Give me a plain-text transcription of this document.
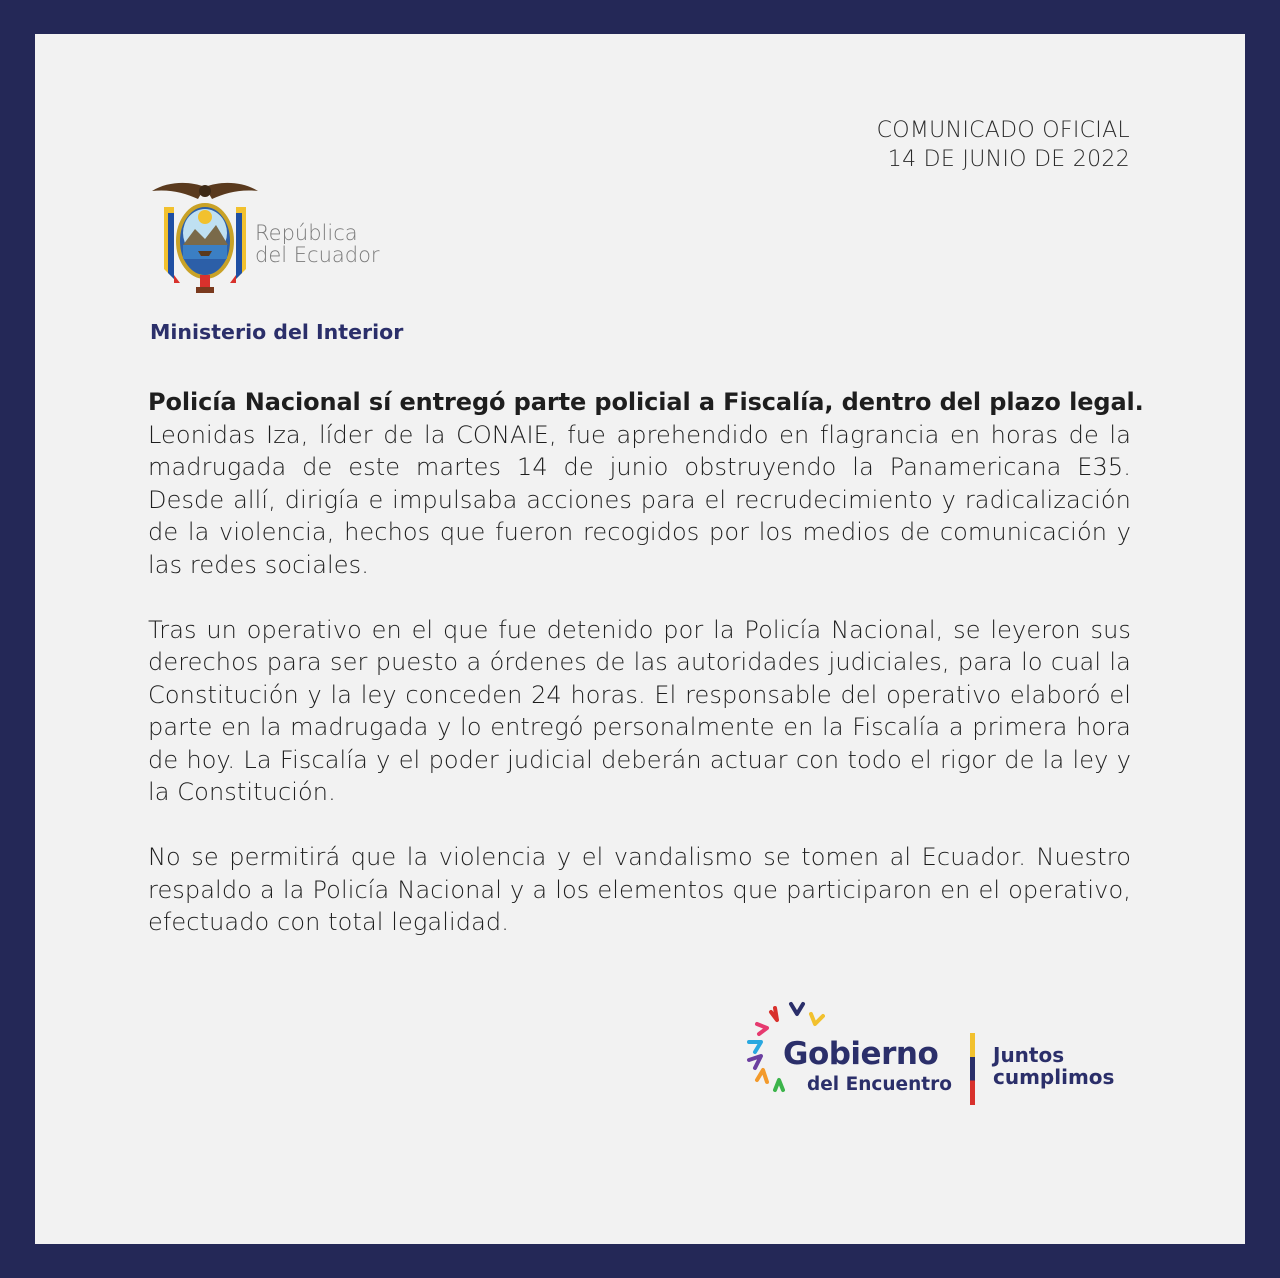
COMUNICADO OFICIAL
14 DE JUNIO DE 2022
República
del Ecuador
Ministerio del Interior

Policía Nacional sí entregó parte policial a Fiscalía, dentro del plazo legal.
Leonidas Iza, líder de la CONAIE, fue aprehendido en flagrancia en horas de la madrugada de este martes 14 de junio obstruyendo la Panamericana E35. Desde allí, dirigía e impulsaba acciones para el recrudecimiento y radicalización de la violencia, hechos que fueron recogidos por los medios de comunicación y las redes sociales.

Tras un operativo en el que fue detenido por la Policía Nacional, se leyeron sus derechos para ser puesto a órdenes de las autoridades judiciales, para lo cual la Constitución y la ley conceden 24 horas. El responsable del operativo elaboró el parte en la madrugada y lo entregó personalmente en la Fiscalía a primera hora de hoy. La Fiscalía y el poder judicial deberán actuar con todo el rigor de la ley y la Constitución.

No se permitirá que la violencia y el vandalismo se tomen al Ecuador. Nuestro respaldo a la Policía Nacional y a los elementos que participaron en el operativo, efectuado con total legalidad.

Gobierno
del Encuentro
Juntos
cumplimos
